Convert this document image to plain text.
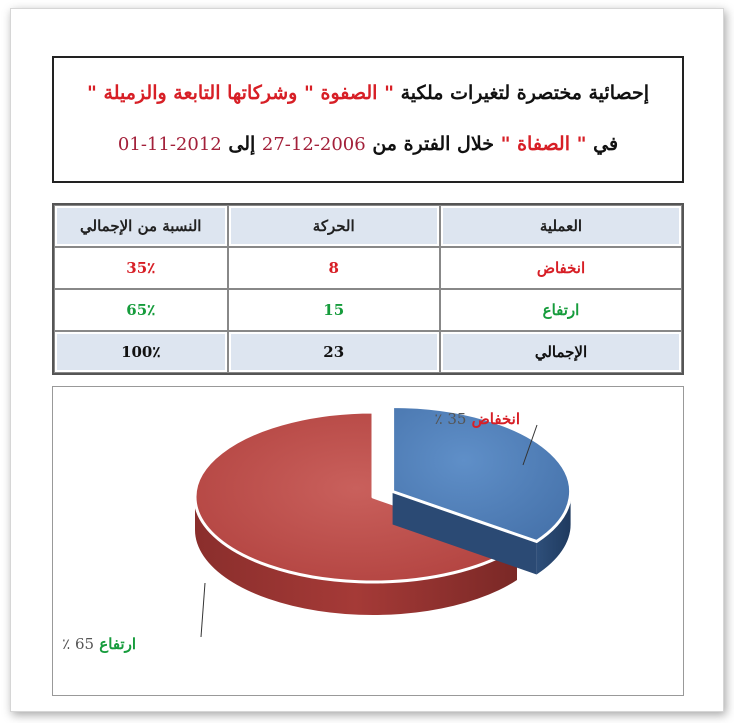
إحصائية مختصرة لتغيرات ملكية " الصفوة " وشركاتها التابعة والزميلة "
في " الصفاة " خلال الفترة من 2006-12-27 إلى 2012-11-01
العملية	الحركة	النسبة من الإجمالي
انخفاض	8	35٪
ارتفاع	15	65٪
الإجمالي	23	100٪
انخفاض 35 ٪
ارتفاع 65 ٪
